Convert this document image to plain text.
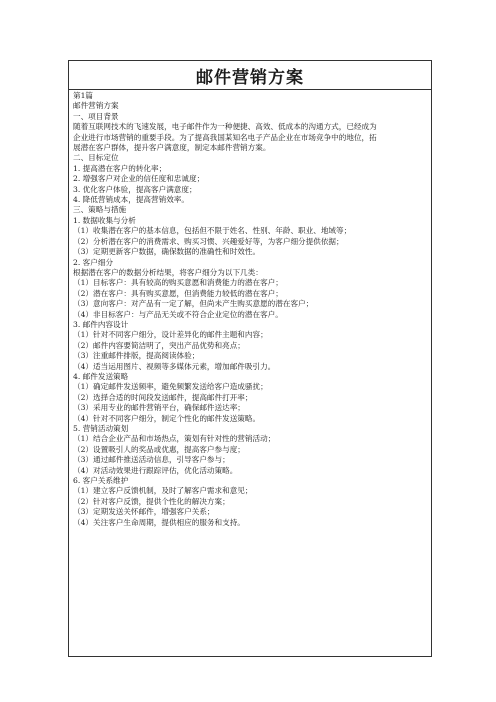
邮件营销方案
第1篇
邮件营销方案
一、项目背景
随着互联网技术的飞速发展，电子邮件作为一种便捷、高效、低成本的沟通方式，已经成为
企业进行市场营销的重要手段。为了提高我国某知名电子产品企业在市场竞争中的地位，拓
展潜在客户群体，提升客户满意度，制定本邮件营销方案。
二、目标定位
1. 提高潜在客户的转化率；
2. 增强客户对企业的信任度和忠诚度；
3. 优化客户体验，提高客户满意度；
4. 降低营销成本，提高营销效率。
三、策略与措施
1. 数据收集与分析
（1）收集潜在客户的基本信息，包括但不限于姓名、性别、年龄、职业、地域等；
（2）分析潜在客户的消费需求、购买习惯、兴趣爱好等，为客户细分提供依据；
（3）定期更新客户数据，确保数据的准确性和时效性。
2. 客户细分
根据潜在客户的数据分析结果，将客户细分为以下几类：
（1）目标客户：具有较高的购买意愿和消费能力的潜在客户；
（2）潜在客户：具有购买意愿，但消费能力较低的潜在客户；
（3）意向客户：对产品有一定了解，但尚未产生购买意愿的潜在客户；
（4）非目标客户：与产品无关或不符合企业定位的潜在客户。
3. 邮件内容设计
（1）针对不同客户细分，设计差异化的邮件主题和内容；
（2）邮件内容要简洁明了，突出产品优势和亮点；
（3）注重邮件排版，提高阅读体验；
（4）适当运用图片、视频等多媒体元素，增加邮件吸引力。
4. 邮件发送策略
（1）确定邮件发送频率，避免频繁发送给客户造成骚扰；
（2）选择合适的时间段发送邮件，提高邮件打开率；
（3）采用专业的邮件营销平台，确保邮件送达率；
（4）针对不同客户细分，制定个性化的邮件发送策略。
5. 营销活动策划
（1）结合企业产品和市场热点，策划有针对性的营销活动；
（2）设置吸引人的奖品或优惠，提高客户参与度；
（3）通过邮件推送活动信息，引导客户参与；
（4）对活动效果进行跟踪评估，优化活动策略。
6. 客户关系维护
（1）建立客户反馈机制，及时了解客户需求和意见；
（2）针对客户反馈，提供个性化的解决方案；
（3）定期发送关怀邮件，增强客户关系；
（4）关注客户生命周期，提供相应的服务和支持。
